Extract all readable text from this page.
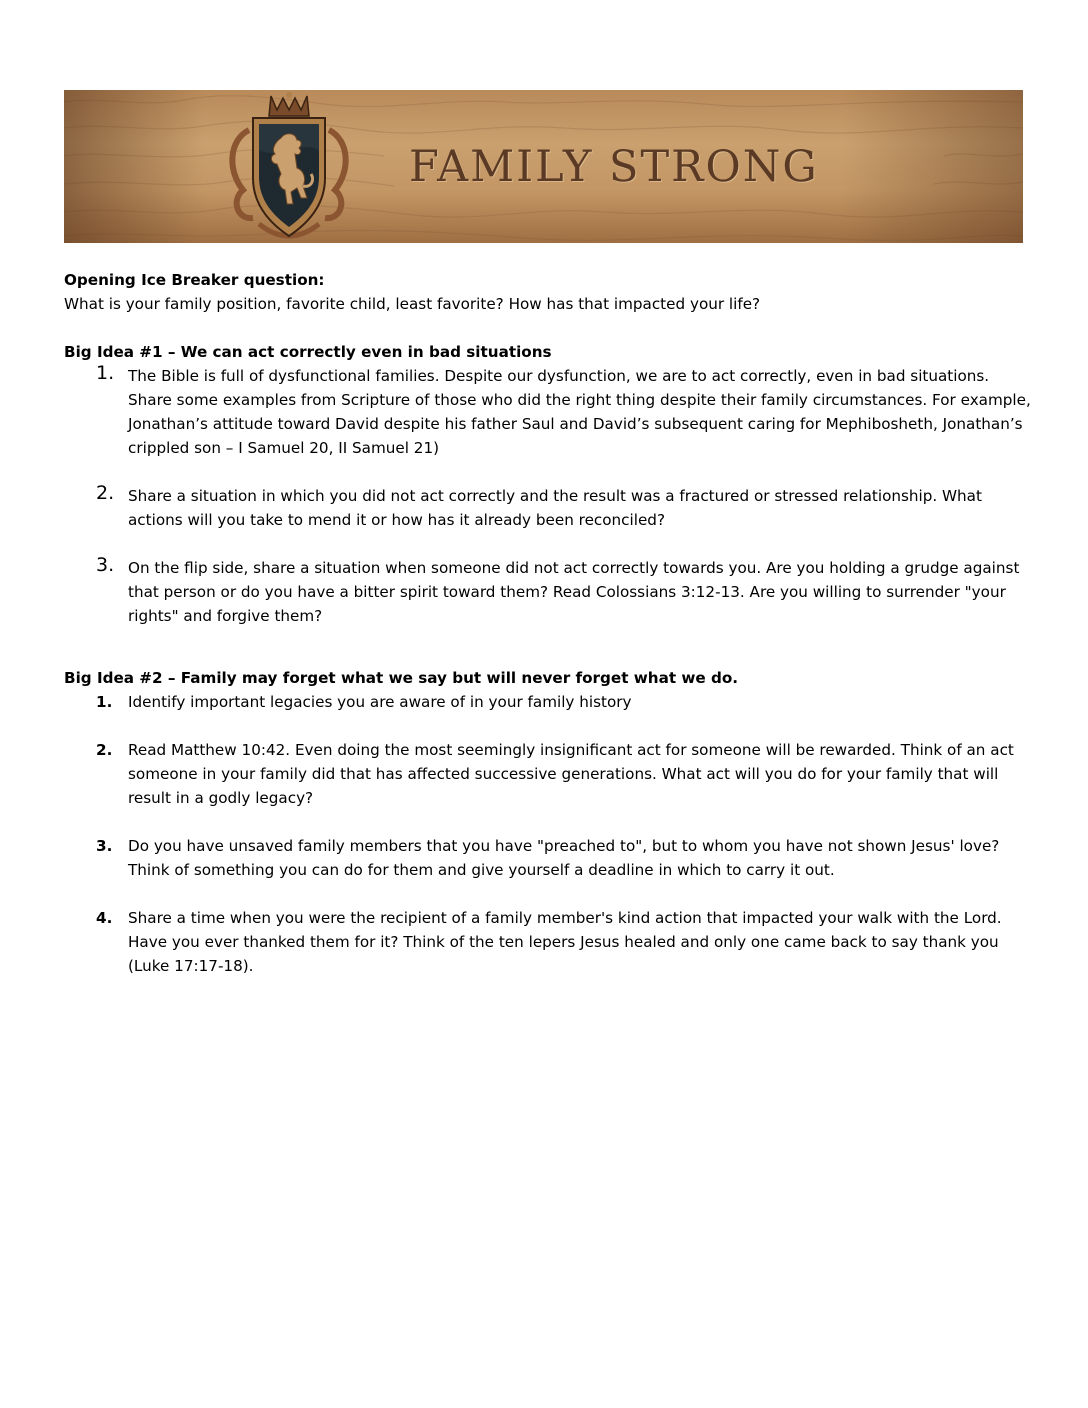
FAMILY STRONG

Opening Ice Breaker question:

What is your family position, favorite child, least favorite? How has that impacted your life?

Big Idea #1 – We can act correctly even in bad situations

1. The Bible is full of dysfunctional families. Despite our dysfunction, we are to act correctly, even in bad situations. Share some examples from Scripture of those who did the right thing despite their family circumstances. For example, Jonathan’s attitude toward David despite his father Saul and David’s subsequent caring for Mephibosheth, Jonathan’s crippled son – I Samuel 20, II Samuel 21)
2. Share a situation in which you did not act correctly and the result was a fractured or stressed relationship. What actions will you take to mend it or how has it already been reconciled?
3. On the flip side, share a situation when someone did not act correctly towards you. Are you holding a grudge against that person or do you have a bitter spirit toward them? Read Colossians 3:12-13. Are you willing to surrender "your rights" and forgive them?

Big Idea #2 – Family may forget what we say but will never forget what we do.

1. Identify important legacies you are aware of in your family history
2. Read Matthew 10:42. Even doing the most seemingly insignificant act for someone will be rewarded. Think of an act someone in your family did that has affected successive generations. What act will you do for your family that will result in a godly legacy?
3. Do you have unsaved family members that you have "preached to", but to whom you have not shown Jesus' love? Think of something you can do for them and give yourself a deadline in which to carry it out.
4. Share a time when you were the recipient of a family member's kind action that impacted your walk with the Lord. Have you ever thanked them for it? Think of the ten lepers Jesus healed and only one came back to say thank you (Luke 17:17-18).
